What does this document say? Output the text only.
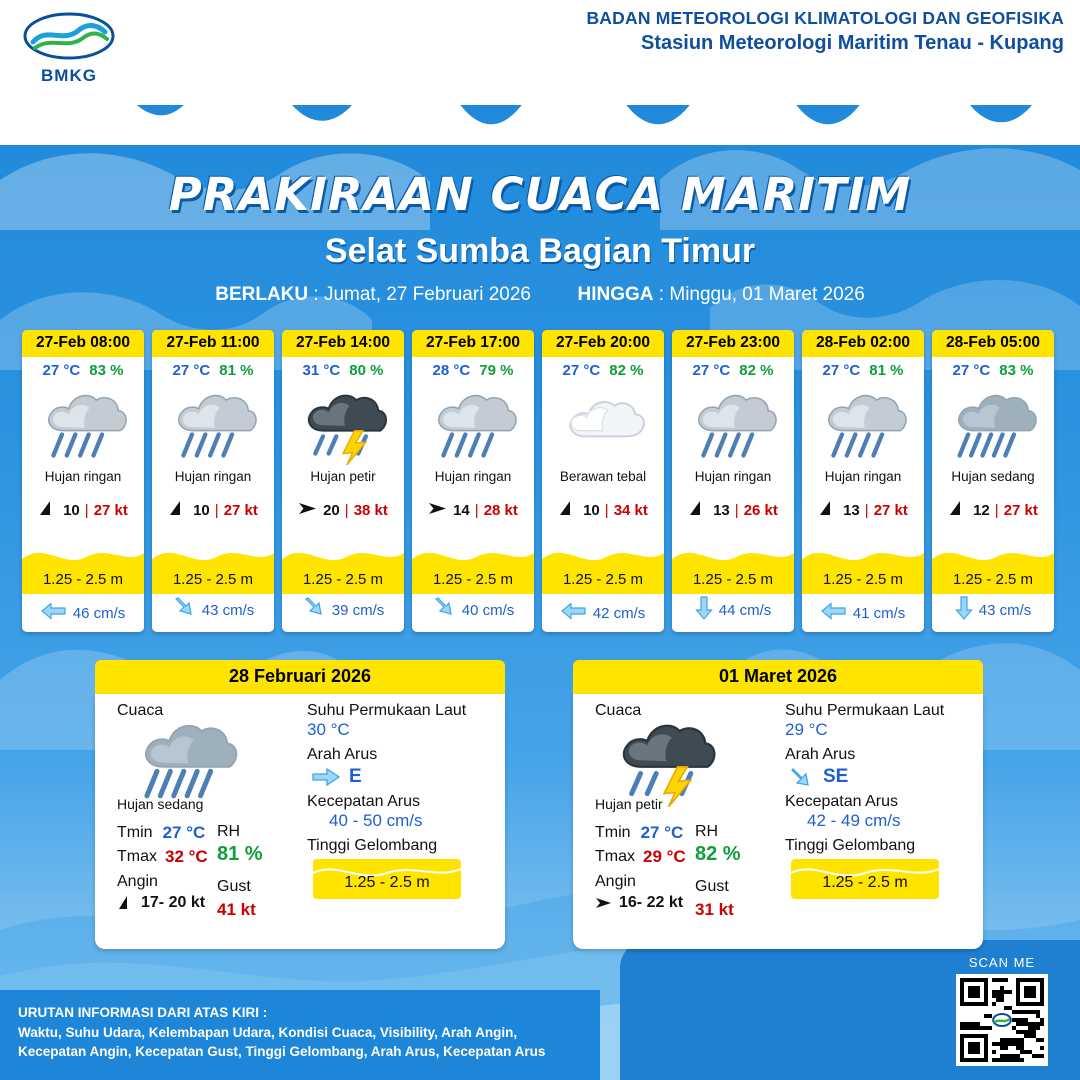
BMKG
BADAN METEOROLOGI KLIMATOLOGI DAN GEOFISIKA
Stasiun Meteorologi Maritim Tenau - Kupang
PRAKIRAAN CUACA MARITIM
Selat Sumba Bagian Timur
BERLAKU : Jumat, 27 Februari 2026 HINGGA : Minggu, 01 Maret 2026
27-Feb 08:00
27 °C 83 %
Hujan ringan
10 | 27 kt
1.25 - 2.5 m
46 cm/s
27-Feb 11:00
27 °C 81 %
Hujan ringan
10 | 27 kt
1.25 - 2.5 m
43 cm/s
27-Feb 14:00
31 °C 80 %
Hujan petir
20 | 38 kt
1.25 - 2.5 m
39 cm/s
27-Feb 17:00
28 °C 79 %
Hujan ringan
14 | 28 kt
1.25 - 2.5 m
40 cm/s
27-Feb 20:00
27 °C 82 %
Berawan tebal
10 | 34 kt
1.25 - 2.5 m
42 cm/s
27-Feb 23:00
27 °C 82 %
Hujan ringan
13 | 26 kt
1.25 - 2.5 m
44 cm/s
28-Feb 02:00
27 °C 81 %
Hujan ringan
13 | 27 kt
1.25 - 2.5 m
41 cm/s
28-Feb 05:00
27 °C 83 %
Hujan sedang
12 | 27 kt
1.25 - 2.5 m
43 cm/s
28 Februari 2026
Cuaca
Hujan sedang
Tmin 27 °C
Tmax 32 °C
Angin
17- 20 kt
RH
81 %
Gust
41 kt
Suhu Permukaan Laut
30 °C
Arah Arus
E
Kecepatan Arus
40 - 50 cm/s
Tinggi Gelombang
1.25 - 2.5 m
01 Maret 2026
Cuaca
Hujan petir
Tmin 27 °C
Tmax 29 °C
Angin
16- 22 kt
RH
82 %
Gust
31 kt
Suhu Permukaan Laut
29 °C
Arah Arus
SE
Kecepatan Arus
42 - 49 cm/s
Tinggi Gelombang
1.25 - 2.5 m
URUTAN INFORMASI DARI ATAS KIRI :
Waktu, Suhu Udara, Kelembapan Udara, Kondisi Cuaca, Visibility, Arah Angin,
Kecepatan Angin, Kecepatan Gust, Tinggi Gelombang, Arah Arus, Kecepatan Arus
SCAN ME
